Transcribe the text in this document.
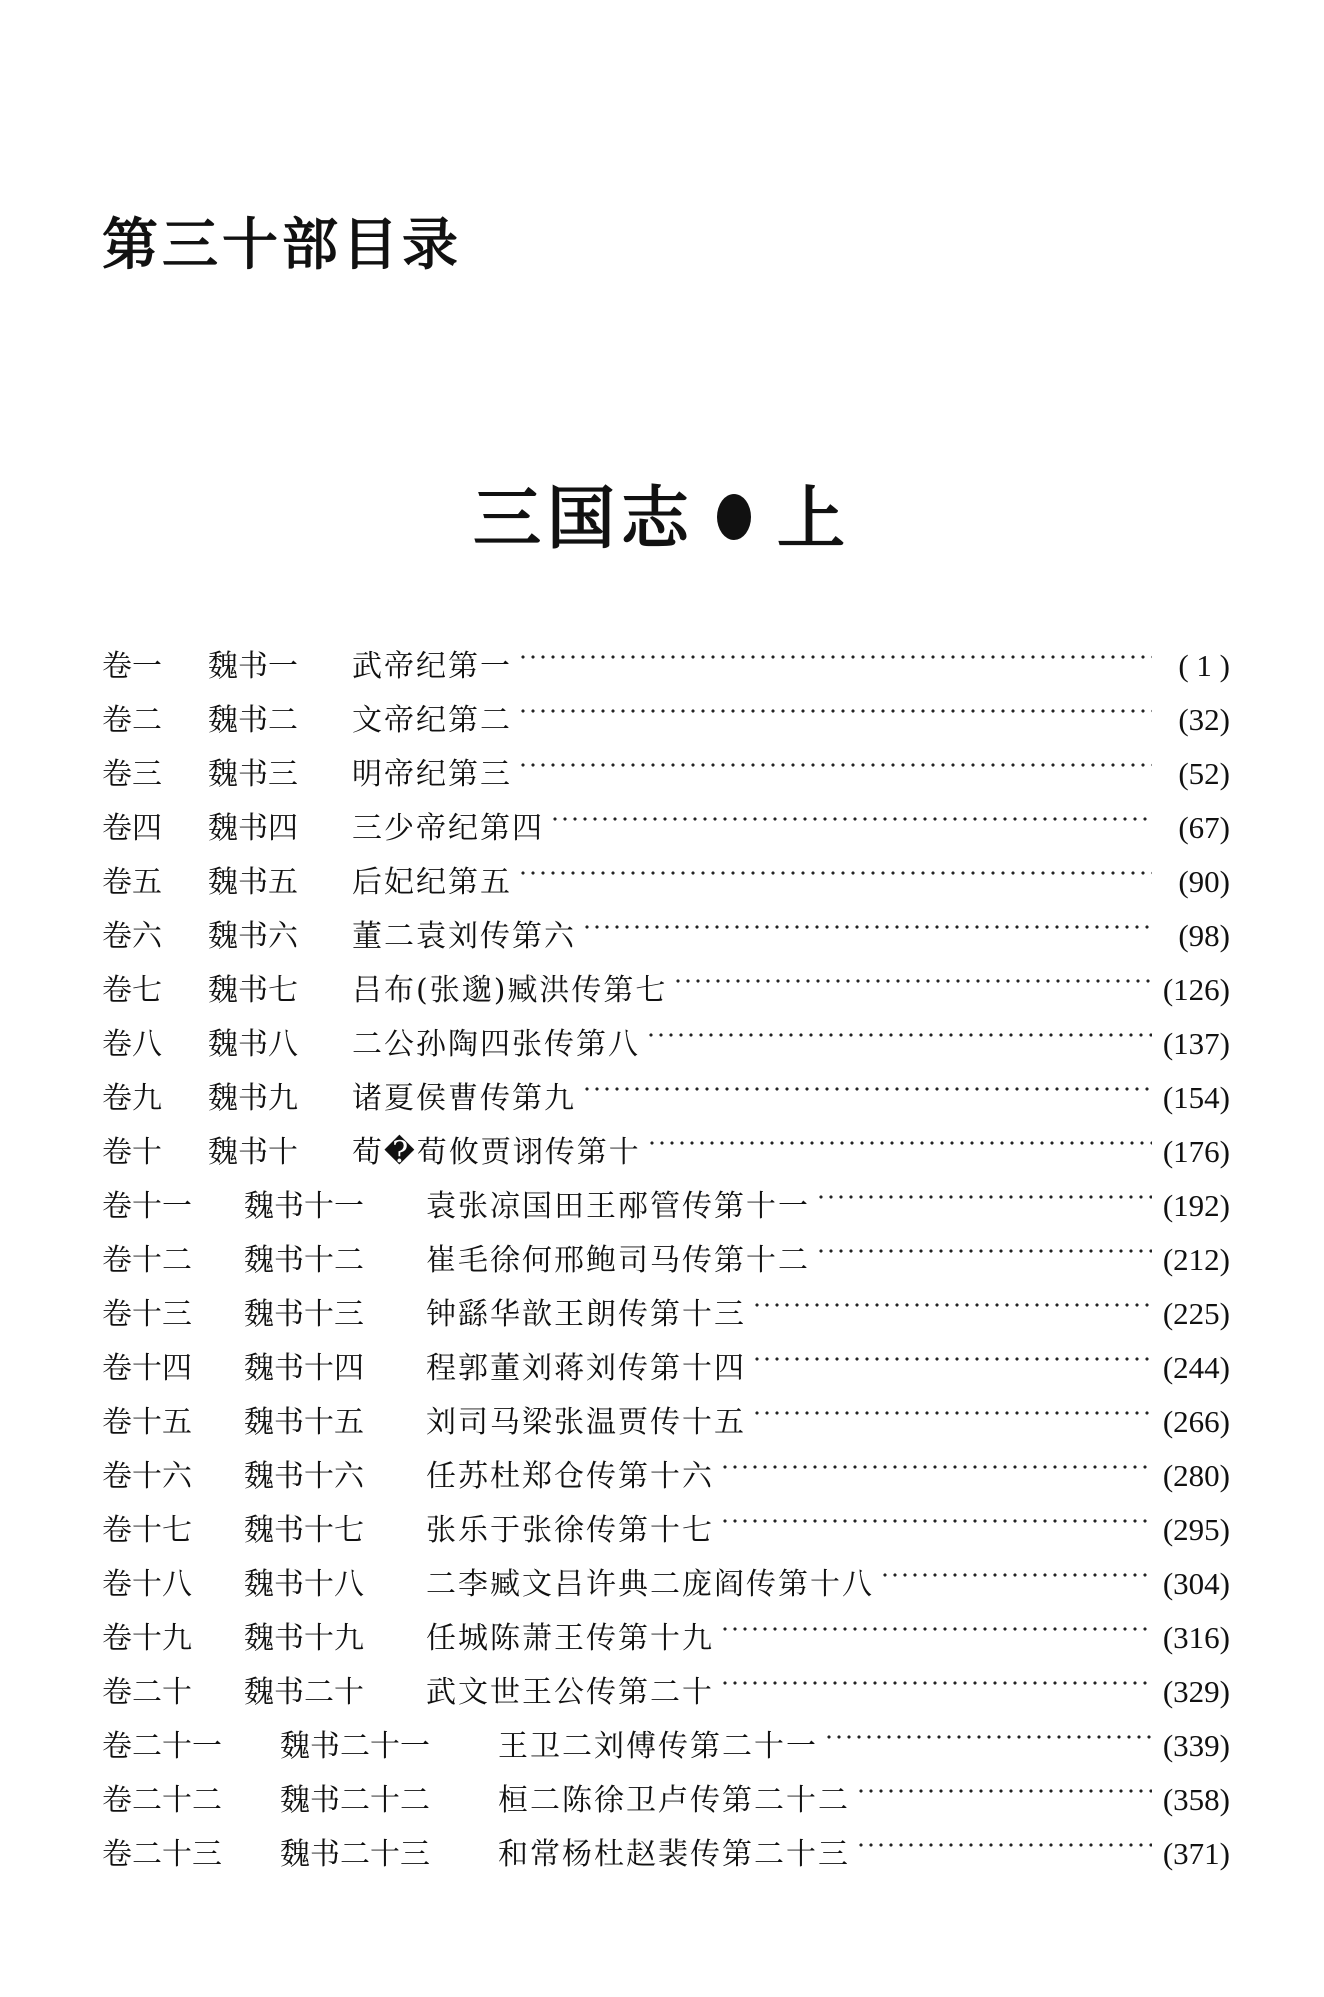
第三十部目录
三国志 上
卷一	魏书一	武帝纪第一	( 1 )
卷二	魏书二	文帝纪第二	(32)
卷三	魏书三	明帝纪第三	(52)
卷四	魏书四	三少帝纪第四	(67)
卷五	魏书五	后妃纪第五	(90)
卷六	魏书六	董二袁刘传第六	(98)
卷七	魏书七	吕布(张邈)臧洪传第七	(126)
卷八	魏书八	二公孙陶四张传第八	(137)
卷九	魏书九	诸夏侯曹传第九	(154)
卷十	魏书十	荀�荀攸贾诩传第十	(176)
卷十一	魏书十一	袁张凉国田王邴管传第十一	(192)
卷十二	魏书十二	崔毛徐何邢鲍司马传第十二	(212)
卷十三	魏书十三	钟繇华歆王朗传第十三	(225)
卷十四	魏书十四	程郭董刘蒋刘传第十四	(244)
卷十五	魏书十五	刘司马梁张温贾传十五	(266)
卷十六	魏书十六	任苏杜郑仓传第十六	(280)
卷十七	魏书十七	张乐于张徐传第十七	(295)
卷十八	魏书十八	二李臧文吕许典二庞阎传第十八	(304)
卷十九	魏书十九	任城陈萧王传第十九	(316)
卷二十	魏书二十	武文世王公传第二十	(329)
卷二十一	魏书二十一	王卫二刘傅传第二十一	(339)
卷二十二	魏书二十二	桓二陈徐卫卢传第二十二	(358)
卷二十三	魏书二十三	和常杨杜赵裴传第二十三	(371)
